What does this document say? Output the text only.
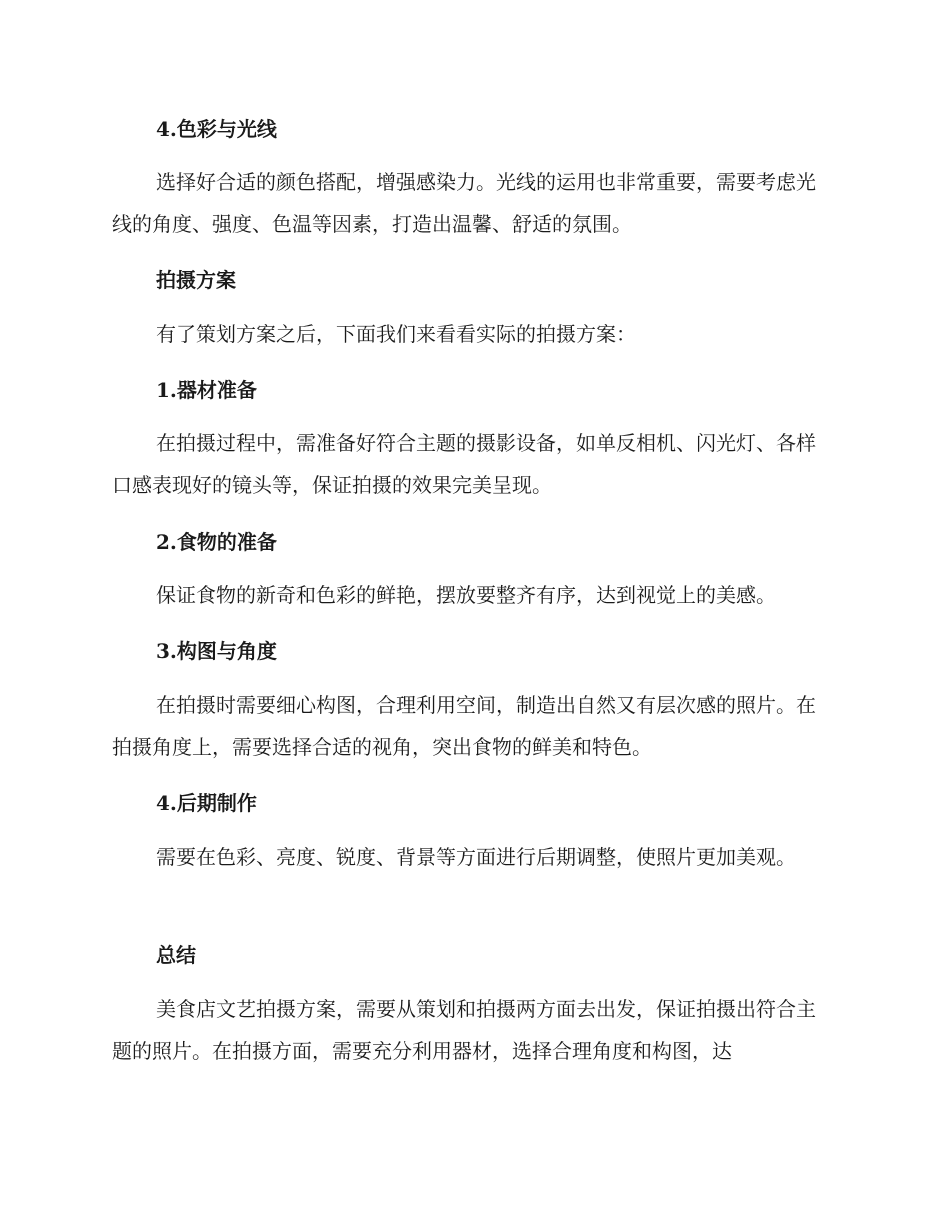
4.色彩与光线

选择好合适的颜色搭配，增强感染力。光线的运用也非常重要，需要考虑光线的角度、强度、色温等因素，打造出温馨、舒适的氛围。

拍摄方案

有了策划方案之后，下面我们来看看实际的拍摄方案：

1.器材准备

在拍摄过程中，需准备好符合主题的摄影设备，如单反相机、闪光灯、各样口感表现好的镜头等，保证拍摄的效果完美呈现。

2.食物的准备

保证食物的新奇和色彩的鲜艳，摆放要整齐有序，达到视觉上的美感。

3.构图与角度

在拍摄时需要细心构图，合理利用空间，制造出自然又有层次感的照片。在拍摄角度上，需要选择合适的视角，突出食物的鲜美和特色。

4.后期制作

需要在色彩、亮度、锐度、背景等方面进行后期调整，使照片更加美观。

总结

美食店文艺拍摄方案，需要从策划和拍摄两方面去出发，保证拍摄出符合主题的照片。在拍摄方面，需要充分利用器材，选择合理角度和构图，达
